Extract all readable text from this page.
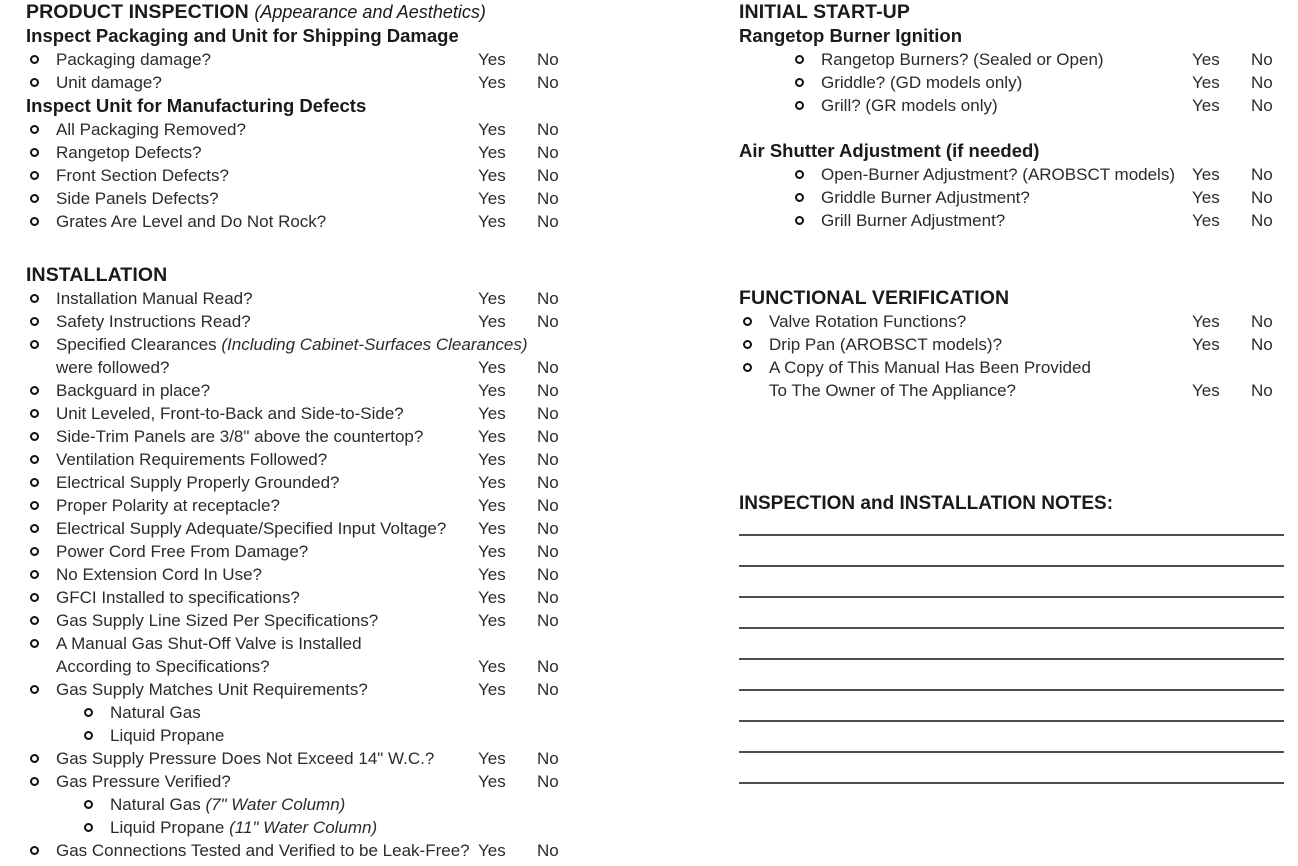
PRODUCT INSPECTION (Appearance and Aesthetics)
Inspect Packaging and Unit for Shipping Damage
Packaging damage?	Yes No
Unit damage?	Yes No
Inspect Unit for Manufacturing Defects
All Packaging Removed?	Yes No
Rangetop Defects?	Yes No
Front Section Defects?	Yes No
Side Panels Defects?	Yes No
Grates Are Level and Do Not Rock?	Yes No
INSTALLATION
Installation Manual Read?	Yes No
Safety Instructions Read?	Yes No
Specified Clearances (Including Cabinet-Surfaces Clearances)
were followed?	Yes No
Backguard in place?	Yes No
Unit Leveled, Front-to-Back and Side-to-Side?	Yes No
Side-Trim Panels are 3/8" above the countertop?	Yes No
Ventilation Requirements Followed?	Yes No
Electrical Supply Properly Grounded?	Yes No
Proper Polarity at receptacle?	Yes No
Electrical Supply Adequate/Specified Input Voltage? Yes No
Power Cord Free From Damage?	Yes No
No Extension Cord In Use?	Yes No
GFCI Installed to specifications?	Yes No
Gas Supply Line Sized Per Specifications?	Yes No
A Manual Gas Shut-Off Valve is Installed
According to Specifications?	Yes No
Gas Supply Matches Unit Requirements?	Yes No
Natural Gas
Liquid Propane
Gas Supply Pressure Does Not Exceed 14" W.C.?	Yes No
Gas Pressure Verified?	Yes No
Natural Gas (7" Water Column)
Liquid Propane (11" Water Column)
Gas Connections Tested and Verified to be Leak-Free? Yes No
INITIAL START-UP
Rangetop Burner Ignition
Rangetop Burners? (Sealed or Open)	Yes No
Griddle? (GD models only)	Yes No
Grill? (GR models only)	Yes No
Air Shutter Adjustment (if needed)
Open-Burner Adjustment? (AROBSCT models) Yes No
Griddle Burner Adjustment?	Yes No
Grill Burner Adjustment?	Yes No
FUNCTIONAL VERIFICATION
Valve Rotation Functions?	Yes No
Drip Pan (AROBSCT models)?	Yes No
A Copy of This Manual Has Been Provided
To The Owner of The Appliance?	Yes No
INSPECTION and INSTALLATION NOTES:
